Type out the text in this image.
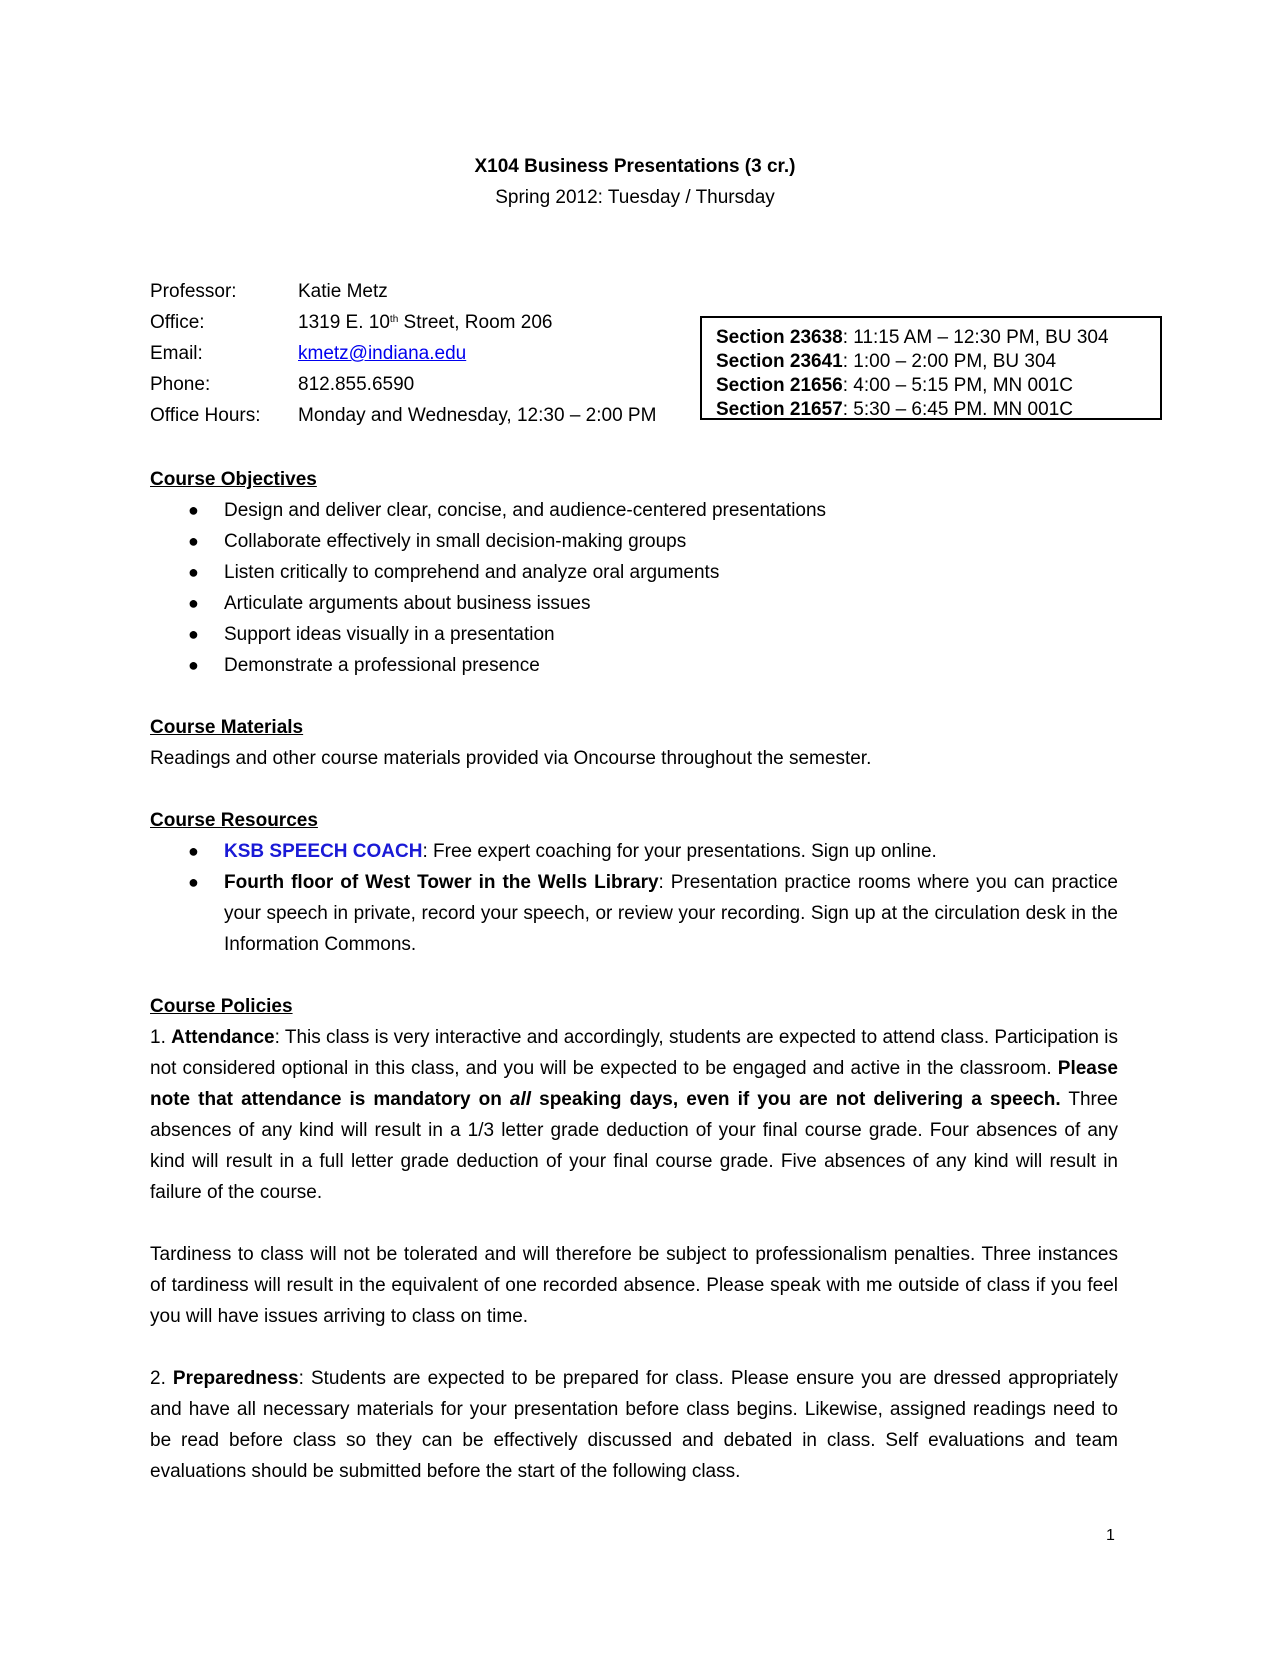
X104 Business Presentations (3 cr.)
Spring 2012: Tuesday / Thursday
Professor:	Katie Metz
Office:	1319 E. 10th Street, Room 206
Email:	kmetz@indiana.edu
Phone:	812.855.6590
Office Hours: Monday and Wednesday, 12:30 – 2:00 PM
Section 23638: 11:15 AM – 12:30 PM, BU 304
Section 23641: 1:00 – 2:00 PM, BU 304
Section 21656: 4:00 – 5:15 PM, MN 001C
Section 21657: 5:30 – 6:45 PM. MN 001C
Course Objectives
● Design and deliver clear, concise, and audience-centered presentations
● Collaborate effectively in small decision-making groups
● Listen critically to comprehend and analyze oral arguments
● Articulate arguments about business issues
● Support ideas visually in a presentation
● Demonstrate a professional presence
Course Materials
Readings and other course materials provided via Oncourse throughout the semester.
Course Resources
● KSB SPEECH COACH: Free expert coaching for your presentations. Sign up online.
● Fourth floor of West Tower in the Wells Library: Presentation practice rooms where you can practice your speech in private, record your speech, or review your recording. Sign up at the circulation desk in the Information Commons.
Course Policies
1. Attendance: This class is very interactive and accordingly, students are expected to attend class. Participation is not considered optional in this class, and you will be expected to be engaged and active in the classroom. Please note that attendance is mandatory on all speaking days, even if you are not delivering a speech. Three absences of any kind will result in a 1/3 letter grade deduction of your final course grade. Four absences of any kind will result in a full letter grade deduction of your final course grade. Five absences of any kind will result in failure of the course.
Tardiness to class will not be tolerated and will therefore be subject to professionalism penalties. Three instances of tardiness will result in the equivalent of one recorded absence. Please speak with me outside of class if you feel you will have issues arriving to class on time.
2. Preparedness: Students are expected to be prepared for class. Please ensure you are dressed appropriately and have all necessary materials for your presentation before class begins. Likewise, assigned readings need to be read before class so they can be effectively discussed and debated in class. Self evaluations and team evaluations should be submitted before the start of the following class.
1
